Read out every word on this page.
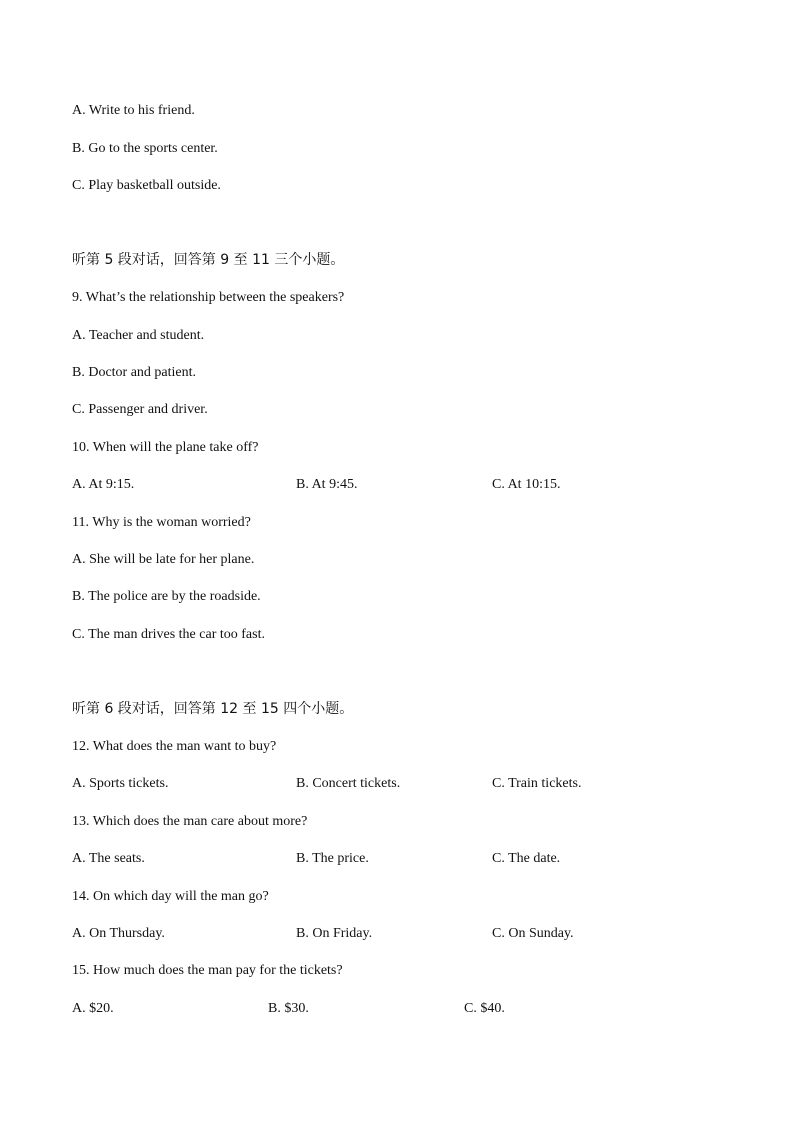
A. Write to his friend.
B. Go to the sports center.
C. Play basketball outside.
听第 5 段对话，回答第 9 至 11 三个小题。
9. What’s the relationship between the speakers?
A. Teacher and student.
B. Doctor and patient.
C. Passenger and driver.
10. When will the plane take off?
A. At 9:15.	B. At 9:45.	C. At 10:15.
11. Why is the woman worried?
A. She will be late for her plane.
B. The police are by the roadside.
C. The man drives the car too fast.
听第 6 段对话，回答第 12 至 15 四个小题。
12. What does the man want to buy?
A. Sports tickets.	B. Concert tickets.	C. Train tickets.
13. Which does the man care about more?
A. The seats.	B. The price.	C. The date.
14. On which day will the man go?
A. On Thursday.	B. On Friday.	C. On Sunday.
15. How much does the man pay for the tickets?
A. $20.	B. $30.	C. $40.
